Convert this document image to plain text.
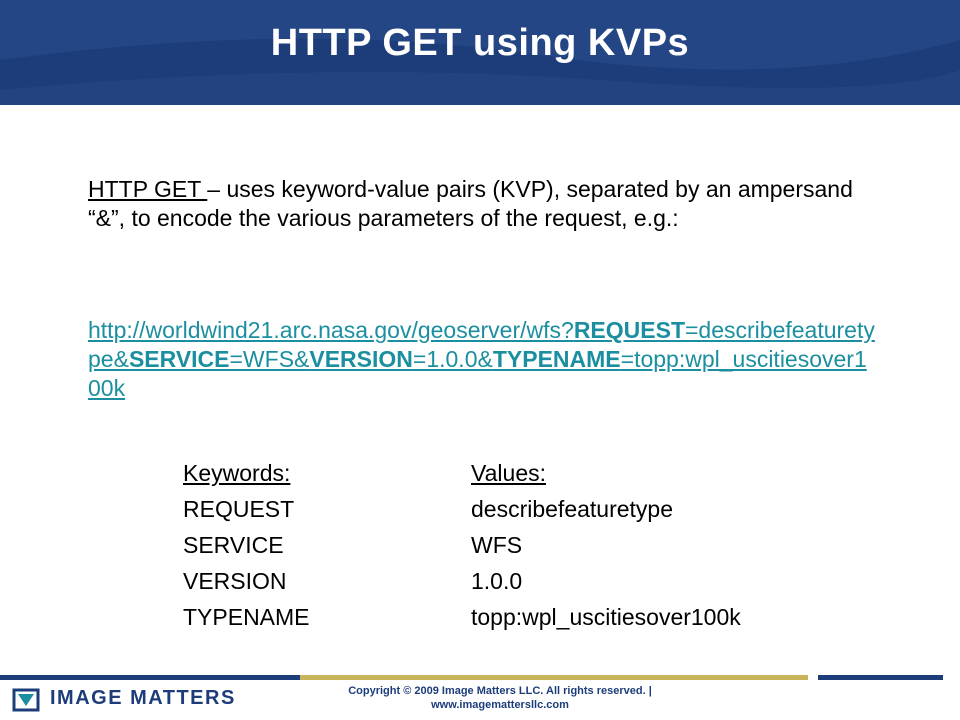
HTTP GET using KVPs
HTTP GET – uses keyword-value pairs (KVP), separated by an ampersand “&”, to encode the various parameters of the request, e.g.:
http://worldwind21.arc.nasa.gov/geoserver/wfs?REQUEST=describefeaturetype&SERVICE=WFS&VERSION=1.0.0&TYPENAME=topp:wpl_uscitiesover100k
Keywords:	Values:
REQUEST	describefeaturetype
SERVICE	WFS
VERSION	1.0.0
TYPENAME	topp:wpl_uscitiesover100k
IMAGE MATTERS	Copyright © 2009 Image Matters LLC. All rights reserved. |
www.imagemattersllc.com
